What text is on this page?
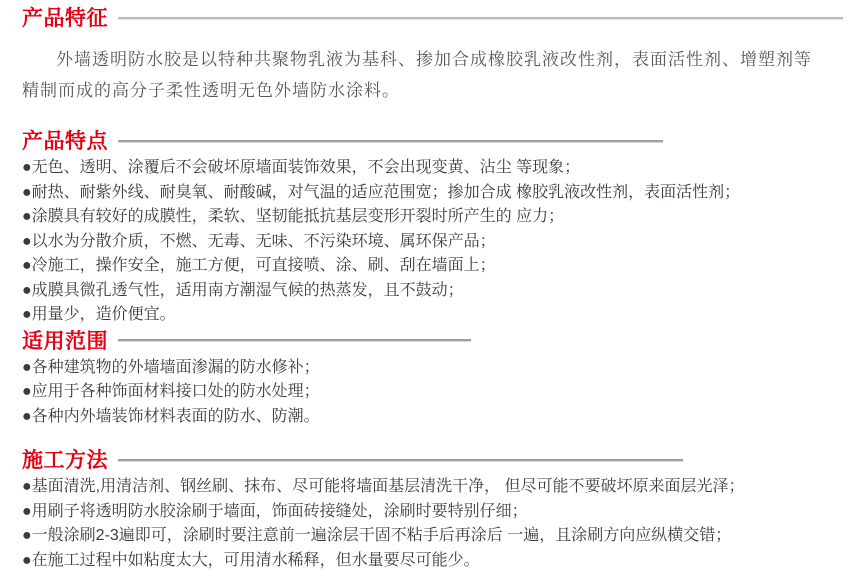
产品特征

外墙透明防水胶是以特种共聚物乳液为基科、掺加合成橡胶乳液改性剂，表面活性剂、增塑剂等精制而成的高分子柔性透明无色外墙防水涂料。

产品特点
●无色、透明、涂覆后不会破坏原墙面装饰效果，不会出现变黄、沾尘 等现象；
●耐热、耐紫外线、耐臭氧、耐酸碱，对气温的适应范围宽；掺加合成 橡胶乳液改性剂，表面活性剂；
●涂膜具有较好的成膜性，柔软、坚韧能抵抗基层变形开裂时所产生的 应力；
●以水为分散介质，不燃、无毒、无味、不污染环境、属环保产品；
●冷施工，操作安全，施工方便，可直接喷、涂、刷、刮在墙面上；
●成膜具微孔透气性，适用南方潮湿气候的热蒸发，且不鼓动；
●用量少，造价便宜。
适用范围
●各种建筑物的外墙墙面渗漏的防水修补；
●应用于各种饰面材料接口处的防水处理；
●各种内外墙装饰材料表面的防水、防潮。
施工方法
●基面清洗,用清洁剂、钢丝刷、抹布、尽可能将墙面基层清洗干净， 但尽可能不要破坏原来面层光泽；
●用刷子将透明防水胶涂刷于墙面，饰面砖接缝处，涂刷时要特别仔细；
●一般涂刷2-3遍即可，涂刷时要注意前一遍涂层干固不粘手后再涂后 一遍，且涂刷方向应纵横交错；
●在施工过程中如粘度太大，可用清水稀释，但水量要尽可能少。
